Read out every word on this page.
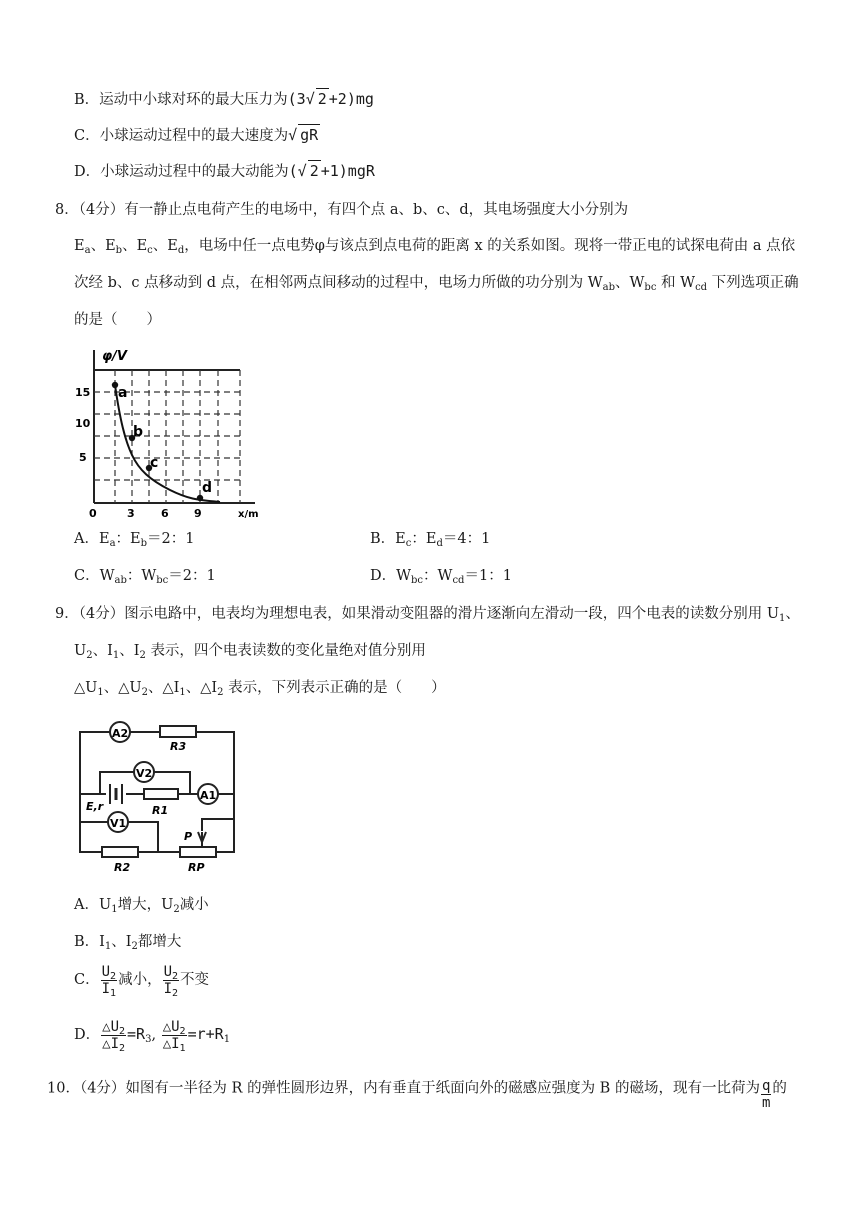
B．运动中小球对环的最大压力为(3√ 2 +2)mg
C．小球运动过程中的最大速度为√ gR
D．小球运动过程中的最大动能为(√ 2 +1)mgR
8．（4分）有一静止点电荷产生的电场中，有四个点 a、b、c、d，其电场强度大小分别为
$E_a$、$E_b$、$E_c$、$E_d$，电场中任一点电势φ与该点到点电荷的距离 x 的关系如图。现将一带正电的试探电荷由 a 点依
次经 b、c 点移动到 d 点，在相邻两点间移动的过程中，电场力所做的功分别为 $W_{ab}$、$W_{bc}$ 和 $W_{cd}$ 下列选项正确
的是（　　）
a
b
c
d
φ/V
x/m
15
10
5
0	3 6 9
A．$E_a$：$E_b=2$：1	B．$E_c$：$E_d=4$：1
C．$W_{ab}$：$W_{bc}=2$：1	D．$W_{bc}$：$W_{cd}=1$：1
9．（4分）图示电路中，电表均为理想电表，如果滑动变阻器的滑片逐渐向左滑动一段，四个电表的读数分别用 $U_1$、
$U_2$、$I_1$、$I_2$ 表示，四个电表读数的变化量绝对值分别用
$\triangle U_1$、$\triangle U_2$、$\triangle I_1$、$\triangle I_2$ 表示，下列表示正确的是（　　）
A2
R3
V2
E,r	R1
A1
V1
R2
P
RP
A．$U_1$增大，$U_2$减小
B．$I_1$、$I_2$都增大
C． $\frac{U_2}{I_1}$ 减小， $\frac{U_2}{I_2}$ 不变
D． $\frac{\triangle U_2}{\triangle I_2} =R_3$, $\frac{\triangle U_2}{\triangle I_1} =r+R_1$
10．（4分）如图有一半径为 R 的弹性圆形边界，内有垂直于纸面向外的磁感应强度为 B 的磁场，现有一比荷为 $\frac{q}{m}$ 的
